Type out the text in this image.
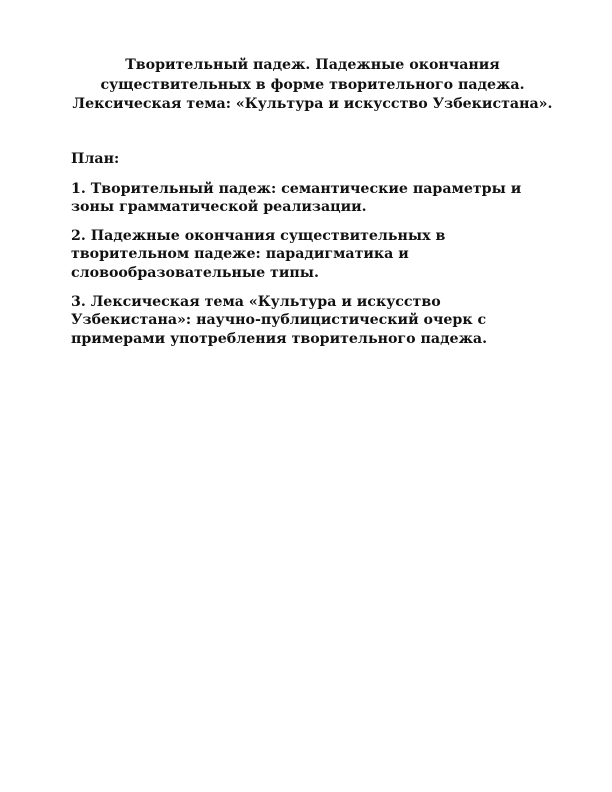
Творительный падеж. Падежные окончания
существительных в форме творительного падежа.
Лексическая тема: «Культура и искусство Узбекистана».

План:

1. Творительный падеж: семантические параметры и
зоны грамматической реализации.

2. Падежные окончания существительных в
творительном падеже: парадигматика и
словообразовательные типы.

3. Лексическая тема «Культура и искусство
Узбекистана»: научно-публицистический очерк с
примерами употребления творительного падежа.
